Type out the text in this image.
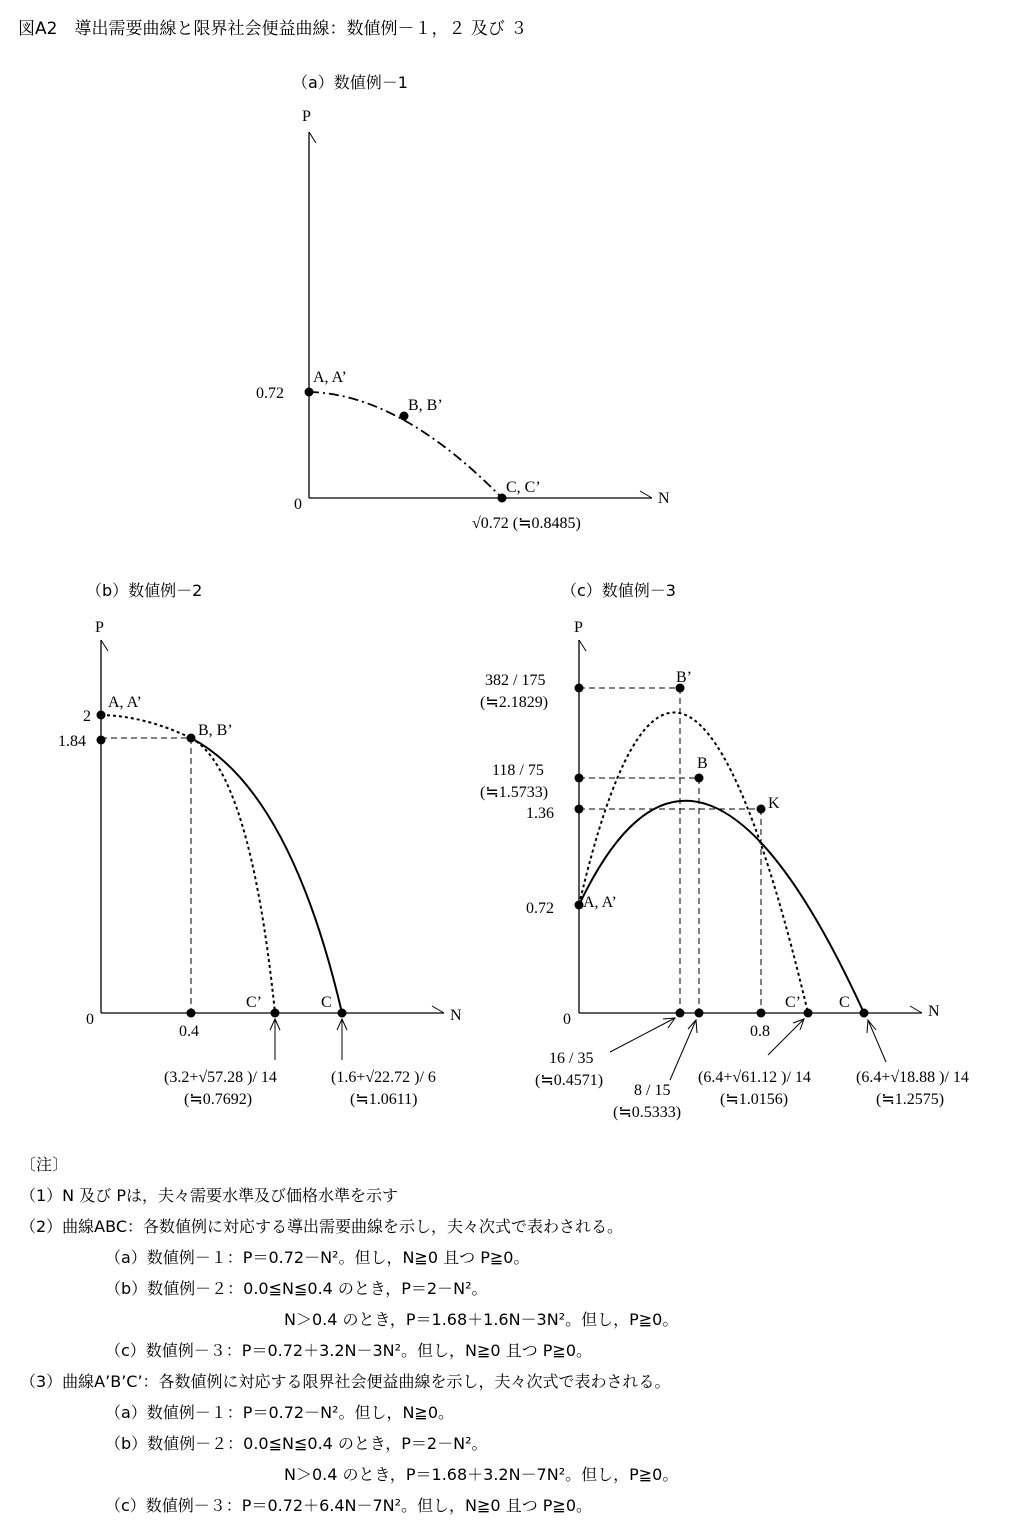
図A2　導出需要曲線と限界社会便益曲線：数値例－１，２ 及び ３
（a）数値例－1
P
N
0
0.72
A, A’
B, B’
C, C’
√0.72 (≒0.8485)
（b）数値例－2
P
N
0
2
1.84
0.4
A, A’
B, B’
C’	C
(3.2+√57.28 )/ 14
(≒0.7692)
(1.6+√22.72 )/ 6
(≒1.0611)
（c）数値例－3
P
N
0
382 / 175
(≒2.1829)
118 / 75
(≒1.5733)
1.36
0.72
0.8
B’
B
K
A, A’
C’ C
16 / 35
(≒0.4571)
8 / 15
(≒0.5333)
(6.4+√61.12 )/ 14
(≒1.0156)
(6.4+√18.88 )/ 14
(≒1.2575)
〔注〕
（1）N 及び Pは，夫々需要水準及び価格水準を示す
（2）曲線ABC：各数値例に対応する導出需要曲線を示し，夫々次式で表わされる。
（a）数値例－１：P＝0.72－N²。但し，N≧0 且つ P≧0。
（b）数値例－２：0.0≦N≦0.4 のとき，P＝2－N²。
N＞0.4 のとき，P＝1.68＋1.6N－3N²。但し，P≧0。
（c）数値例－３：P＝0.72＋3.2N－3N²。但し，N≧0 且つ P≧0。
（3）曲線A’B’C’：各数値例に対応する限界社会便益曲線を示し，夫々次式で表わされる。
（a）数値例－１：P＝0.72－N²。但し，N≧0。
（b）数値例－２：0.0≦N≦0.4 のとき，P＝2－N²。
N＞0.4 のとき，P＝1.68＋3.2N－7N²。但し，P≧0。
（c）数値例－３：P＝0.72＋6.4N－7N²。但し，N≧0 且つ P≧0。
